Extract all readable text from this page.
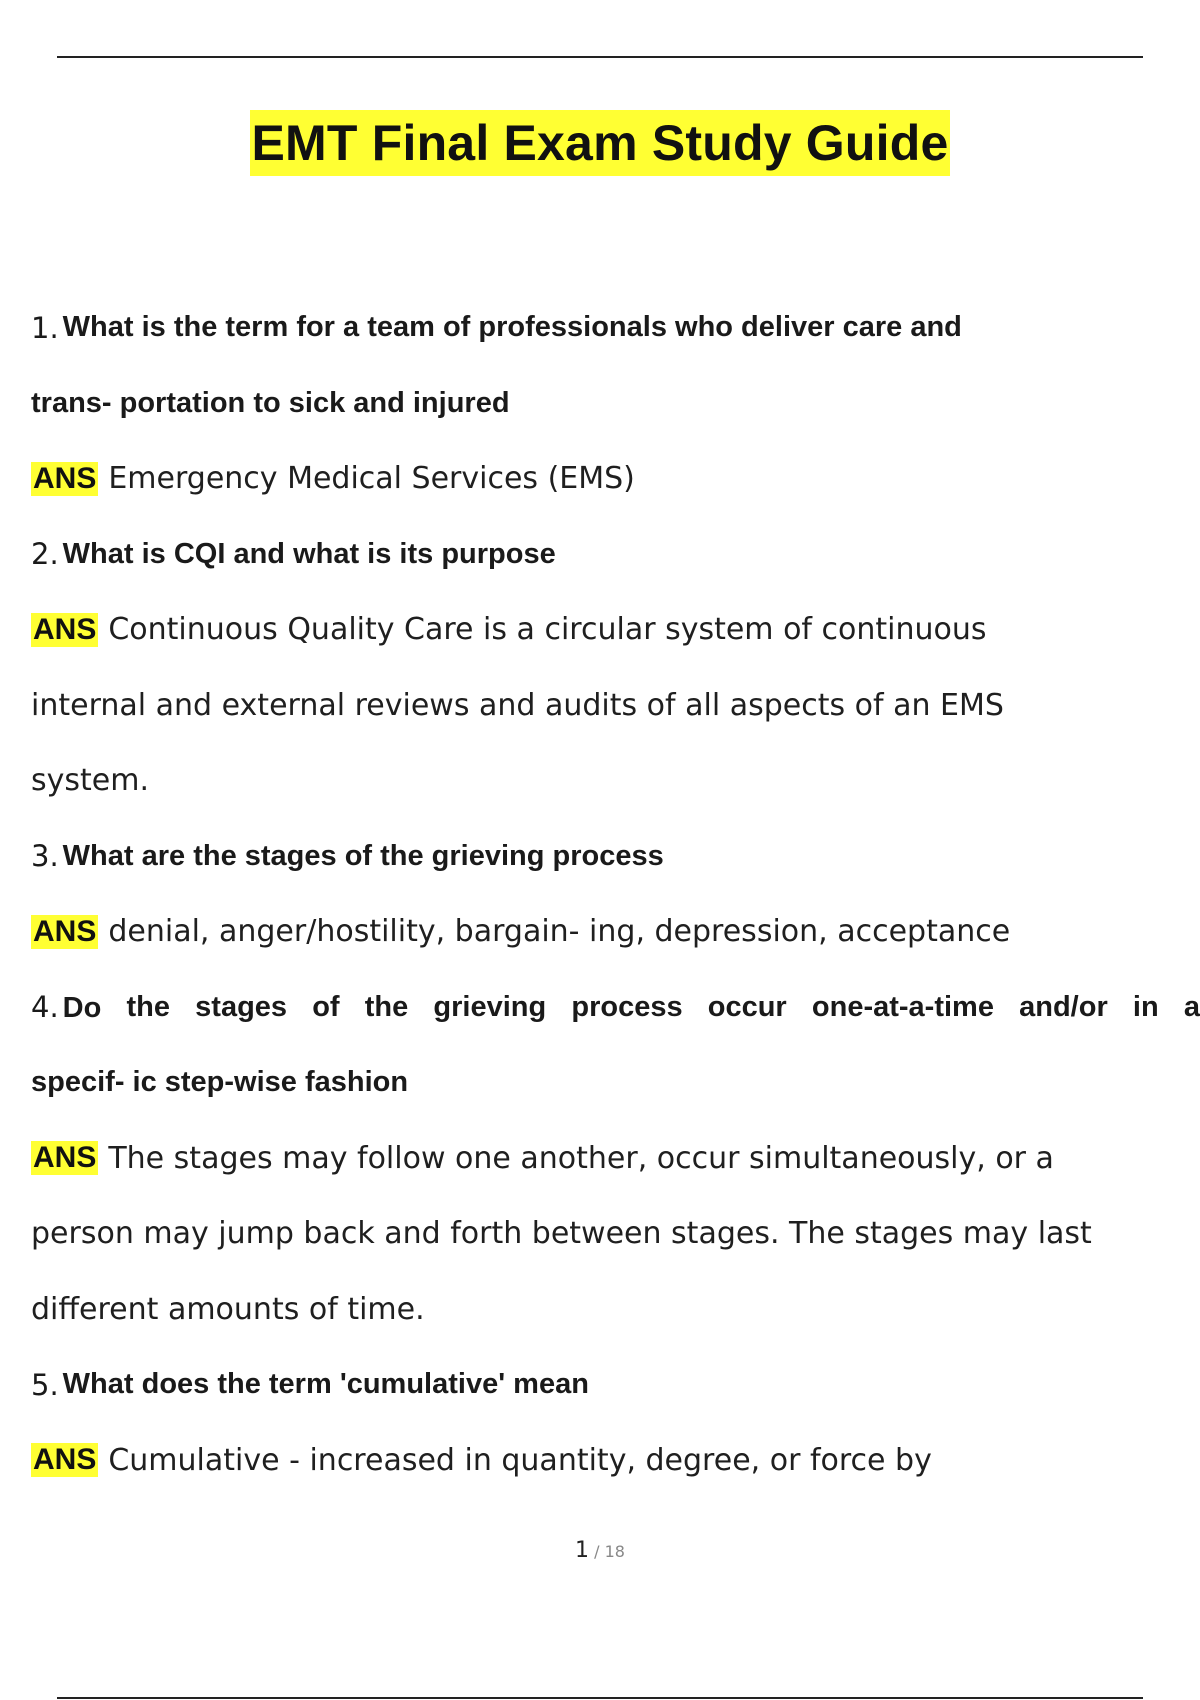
EMT Final Exam Study Guide
1. What is the term for a team of professionals who deliver care and
trans- portation to sick and injured
ANS Emergency Medical Services (EMS)
2. What is CQI and what is its purpose
ANS Continuous Quality Care is a circular system of continuous
internal and external reviews and audits of all aspects of an EMS
system.
3. What are the stages of the grieving process
ANS denial, anger/hostility, bargain- ing, depression, acceptance
4. Do the stages of the grieving process occur one-at-a-time and/or in a
specif- ic step-wise fashion
ANS The stages may follow one another, occur simultaneously, or a
person may jump back and forth between stages. The stages may last
different amounts of time.
5. What does the term 'cumulative' mean
ANS Cumulative - increased in quantity, degree, or force by
1 / 18
